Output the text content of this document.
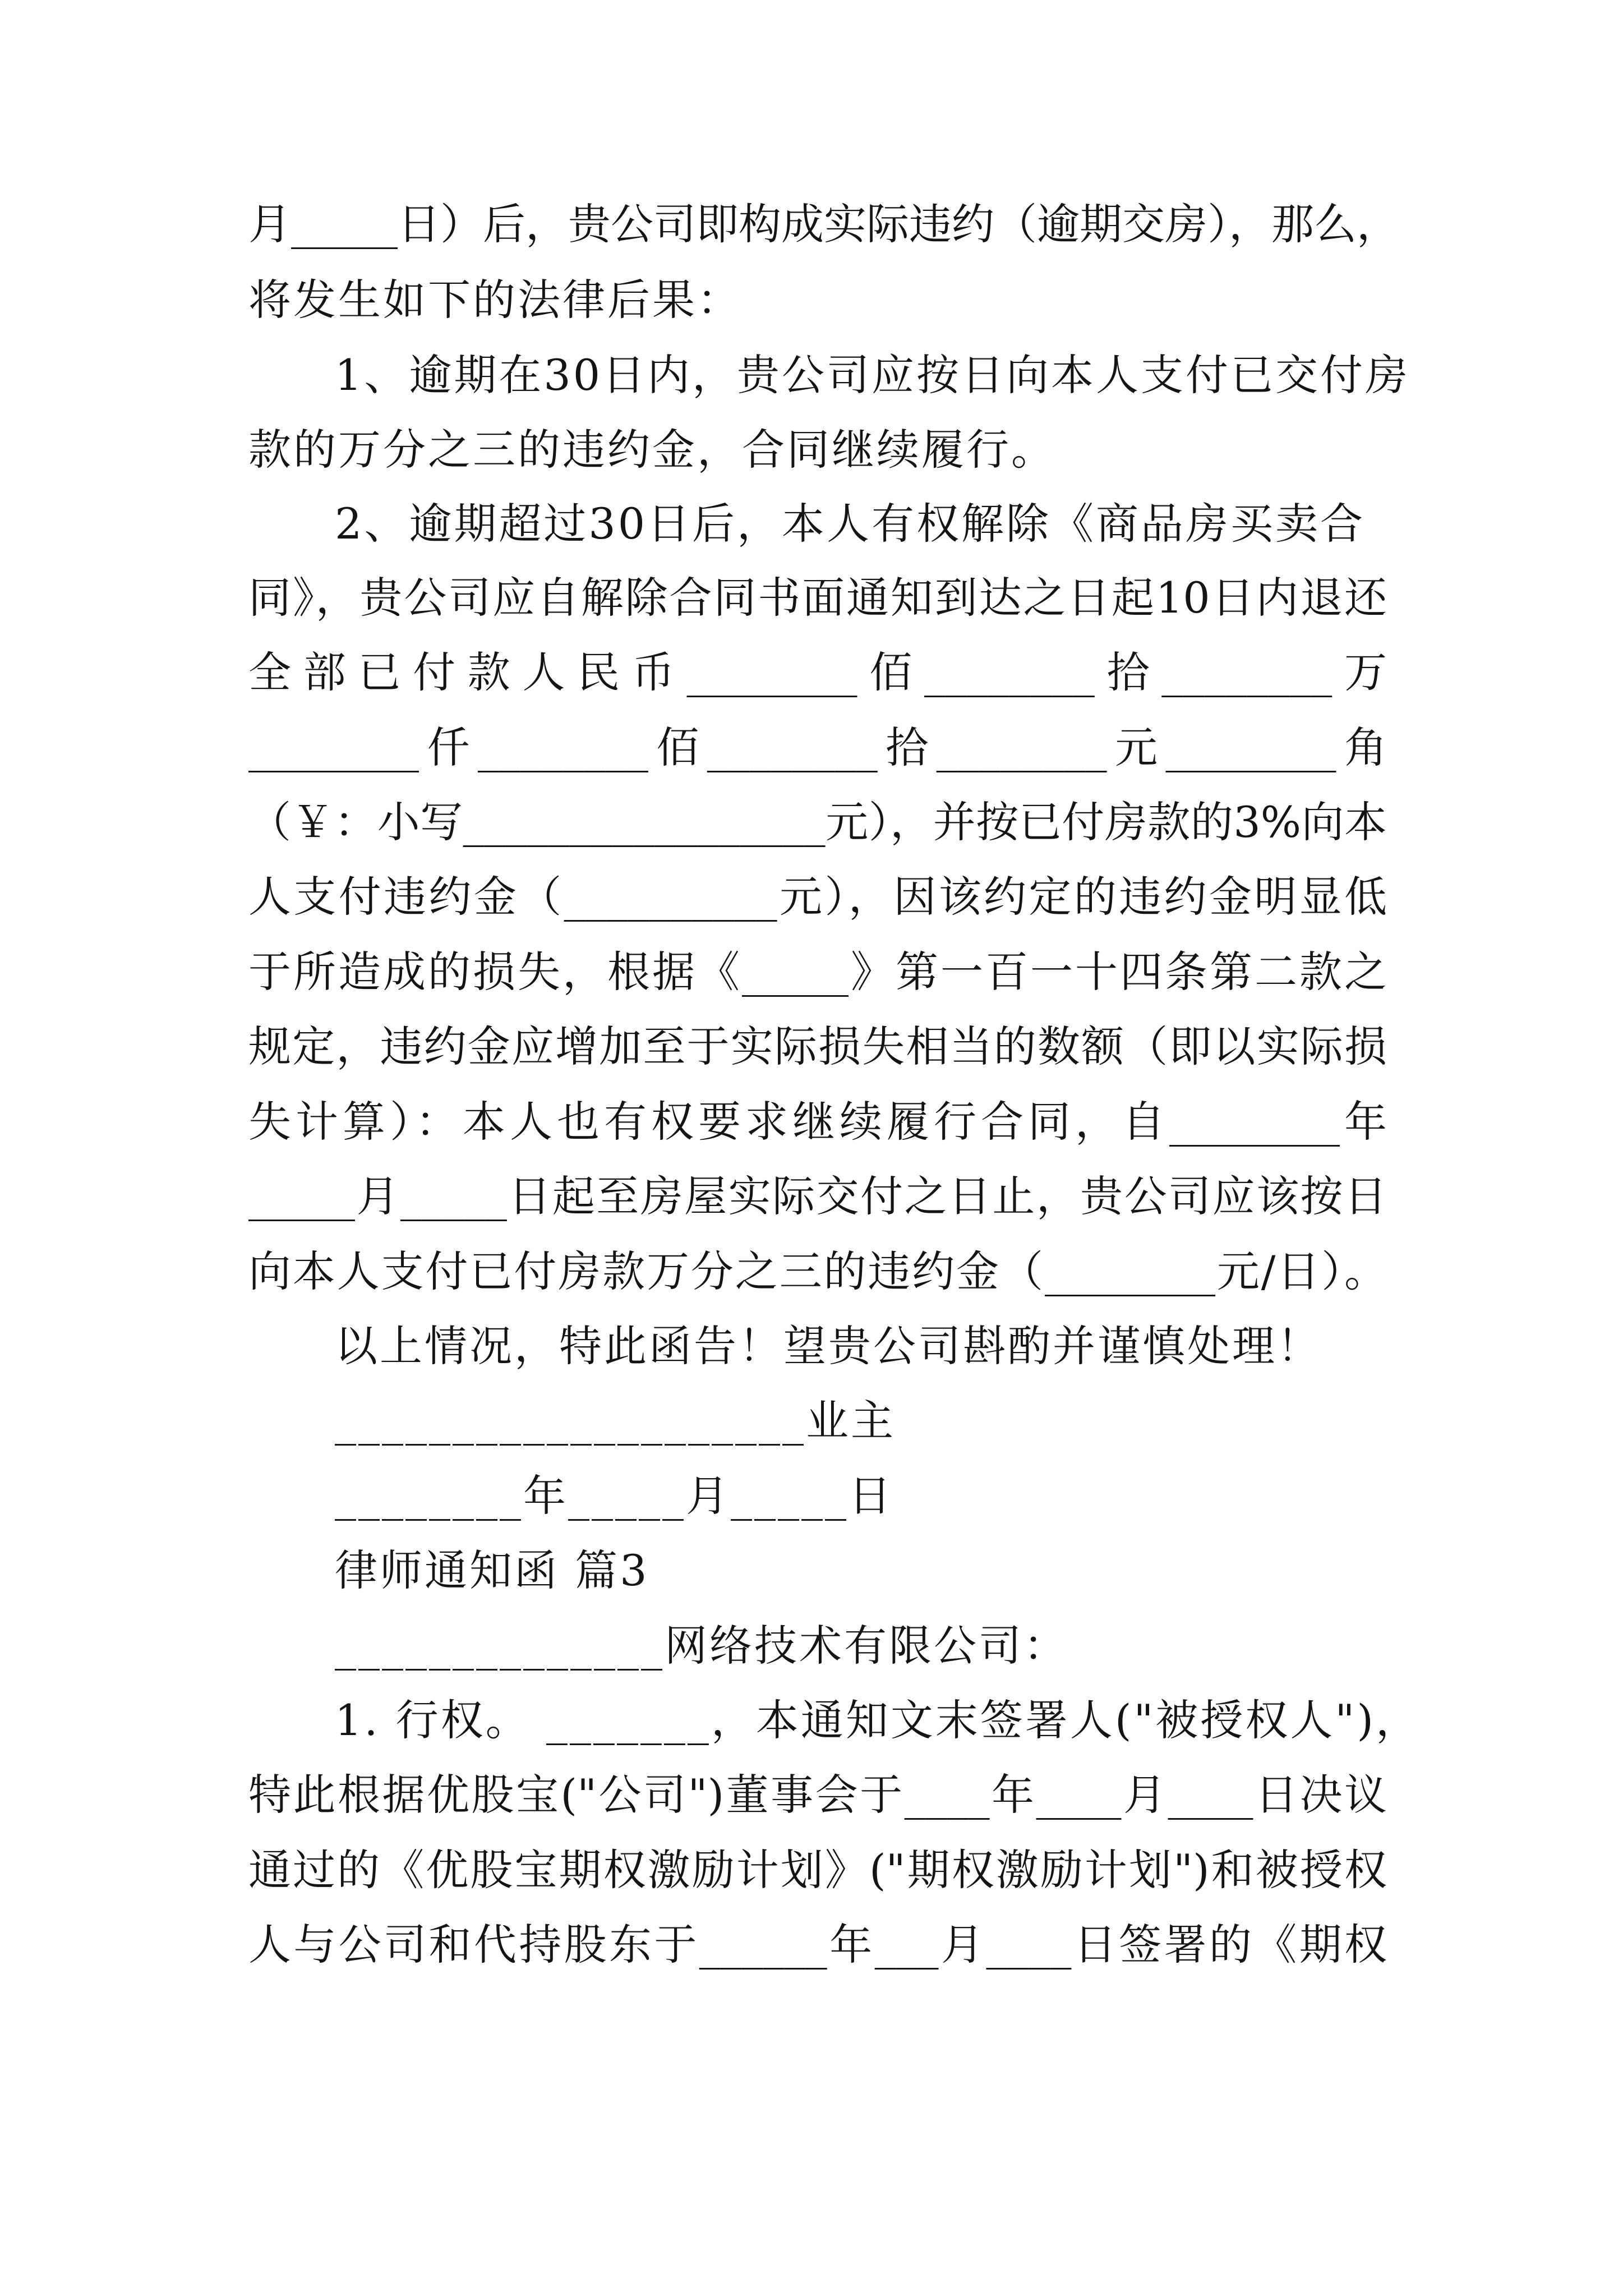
月_____日）后，贵公司即构成实际违约（逾期交房），那么，
将发生如下的法律后果：
1、逾期在30日内，贵公司应按日向本人支付已交付房
款的万分之三的违约金，合同继续履行。
2、逾期超过30日后，本人有权解除《商品房买卖合
同》，贵公司应自解除合同书面通知到达之日起10日内退还
全部已付款人民币________佰________拾________万
________仟________佰________拾________元________角
（￥：小写_________________元），并按已付房款的3%向本
人支付违约金（__________元），因该约定的违约金明显低
于所造成的损失，根据《_____》第一百一十四条第二款之
规定，违约金应增加至于实际损失相当的数额（即以实际损
失计算）：本人也有权要求继续履行合同，自________年
_____月_____日起至房屋实际交付之日止，贵公司应该按日
向本人支付已付房款万分之三的违约金（________元/日）。
以上情况，特此函告！望贵公司斟酌并谨慎处理！
____________________业主
________年_____月_____日
律师通知函 篇3
______________网络技术有限公司：
1. 行权。 _______，本通知文末签署人("被授权人")，
特此根据优股宝("公司")董事会于____年____月____日决议
通过的《优股宝期权激励计划》("期权激励计划")和被授权
人与公司和代持股东于______年___月____日签署的《期权
